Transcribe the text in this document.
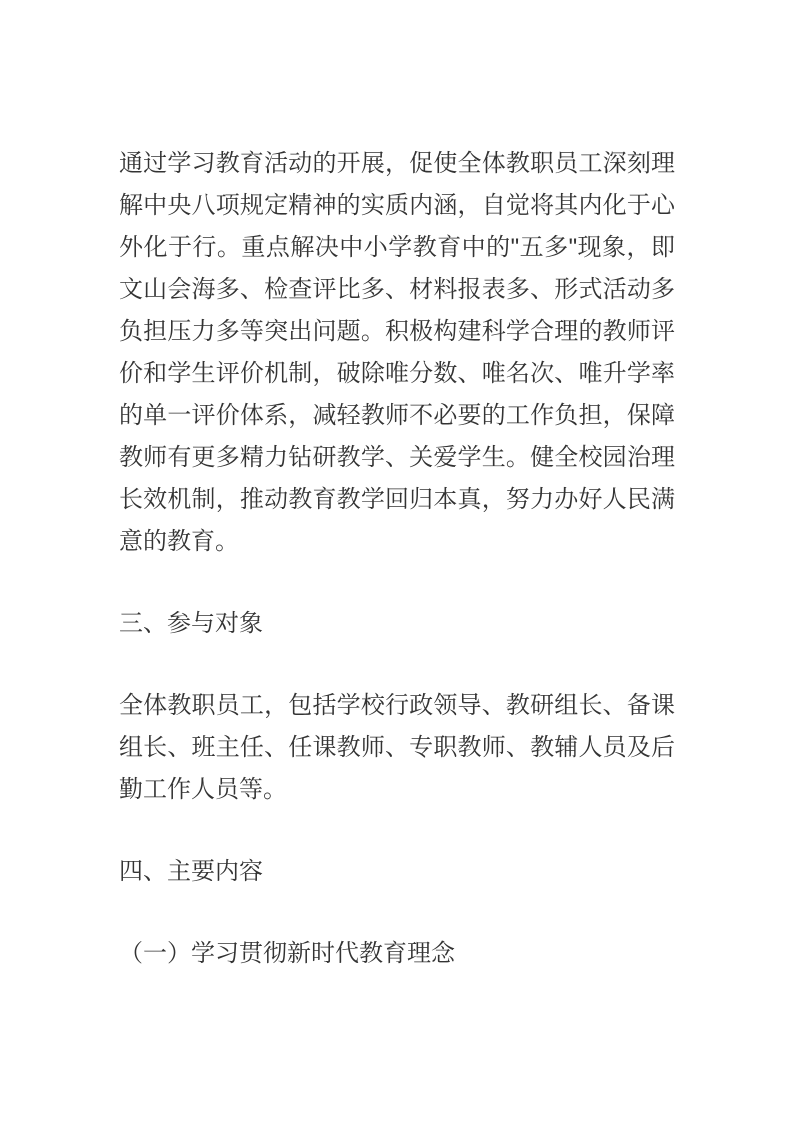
通过学习教育活动的开展，促使全体教职员工深刻理
解中央八项规定精神的实质内涵，自觉将其内化于心
外化于行。重点解决中小学教育中的"五多"现象，即
文山会海多、检查评比多、材料报表多、形式活动多
负担压力多等突出问题。积极构建科学合理的教师评
价和学生评价机制，破除唯分数、唯名次、唯升学率
的单一评价体系，减轻教师不必要的工作负担，保障
教师有更多精力钻研教学、关爱学生。健全校园治理
长效机制，推动教育教学回归本真，努力办好人民满
意的教育。
三、参与对象
全体教职员工，包括学校行政领导、教研组长、备课
组长、班主任、任课教师、专职教师、教辅人员及后
勤工作人员等。
四、主要内容
（一）学习贯彻新时代教育理念
